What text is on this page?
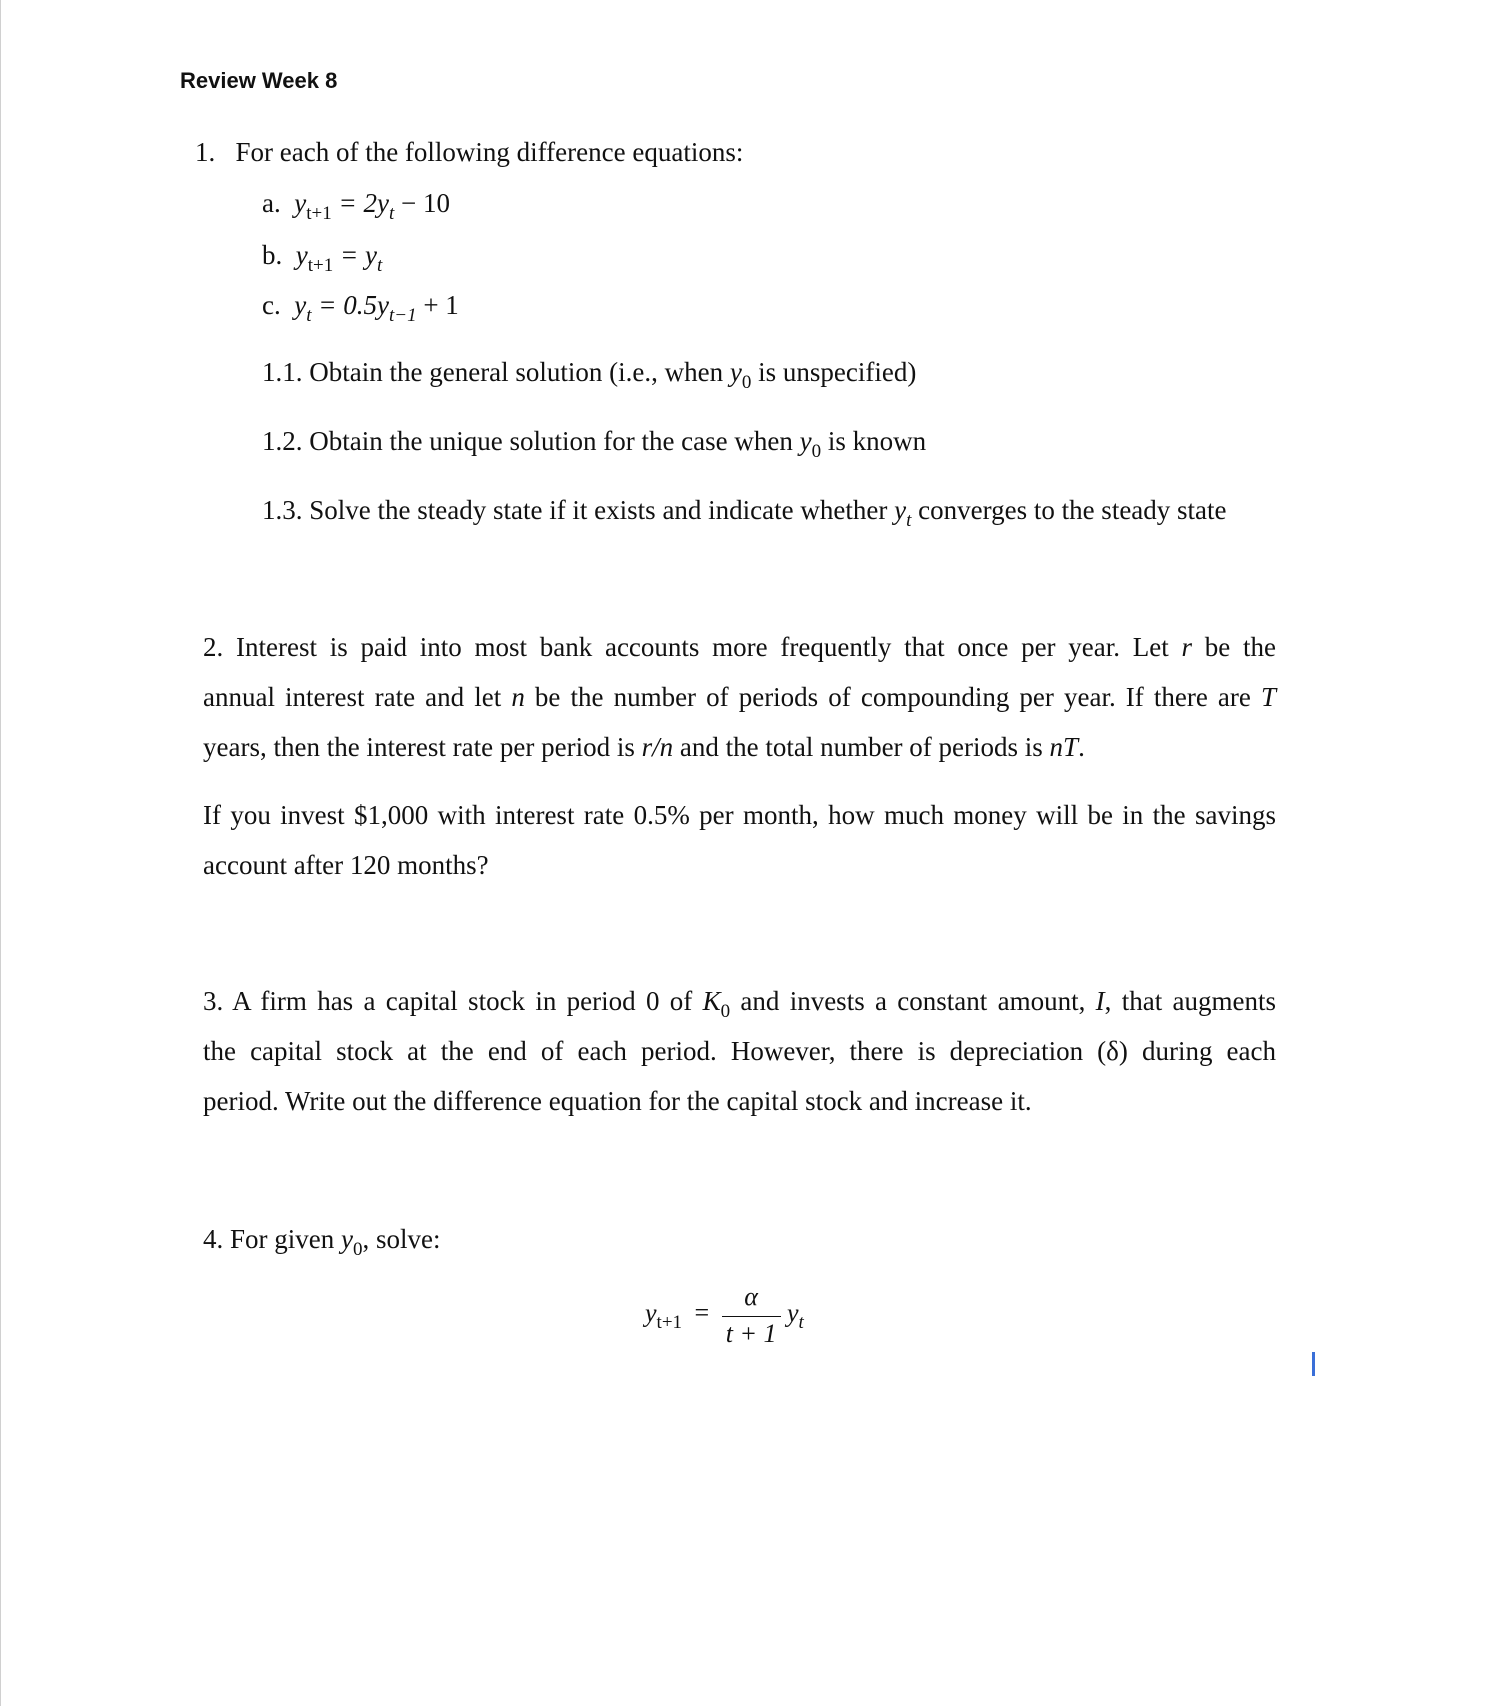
Review Week 8
1. For each of the following difference equations:
a. $y_{t+1} = 2y_t - 10$
b. $y_{t+1} = y_t$
c. $y_t = 0.5y_{t-1} + 1$
1.1. Obtain the general solution (i.e., when $y_0$ is unspecified)
1.2. Obtain the unique solution for the case when $y_0$ is known
1.3. Solve the steady state if it exists and indicate whether $y_t$ converges to the steady state
2. Interest is paid into most bank accounts more frequently that once per year. Let r be the
annual interest rate and let n be the number of periods of compounding per year. If there are T
years, then the interest rate per period is r/n and the total number of periods is nT.
If you invest $1,000 with interest rate 0.5% per month, how much money will be in the savings
account after 120 months?
3. A firm has a capital stock in period 0 of $K_0$ and invests a constant amount, I, that augments
the capital stock at the end of each period. However, there is depreciation (δ) during each
period. Write out the difference equation for the capital stock and increase it.
4. For given $y_0$, solve:
$y_{t+1} = \frac{\alpha}{t + 1} y_t$
